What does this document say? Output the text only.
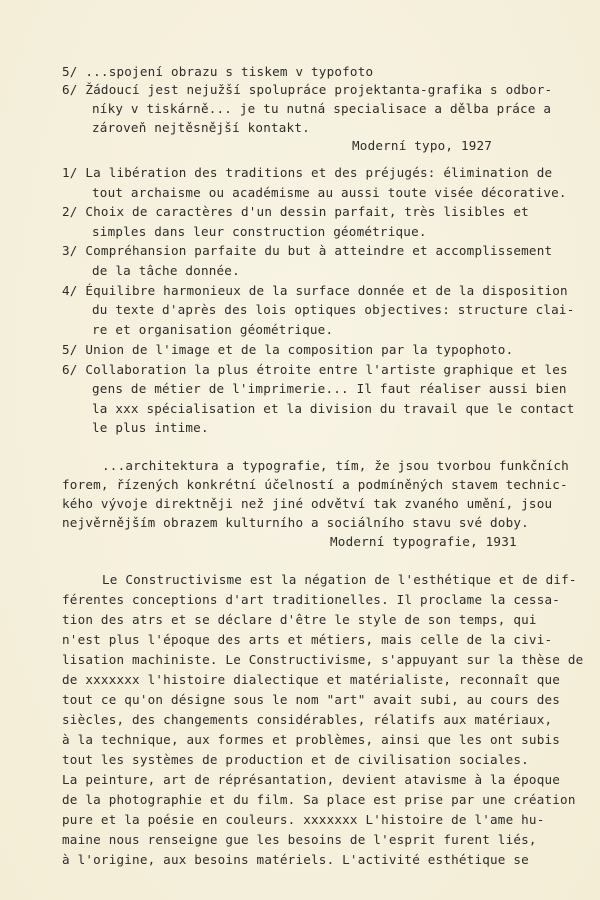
5/ ...spojení obrazu s tiskem v typofoto
6/ Žádoucí jest nejužší spolupráce projektanta-grafika s odbor-
níky v tiskárně... je tu nutná specialisace a dělba práce a
zároveň nejtěsnější kontakt.
Moderní typo, 1927
1/ La libération des traditions et des préjugés: élimination de
tout archaisme ou académisme au aussi toute visée décorative.
2/ Choix de caractères d'un dessin parfait, très lisibles et
simples dans leur construction géométrique.
3/ Compréhansion parfaite du but à atteindre et accomplissement
de la tâche donnée.
4/ Équilibre harmonieux de la surface donnée et de la disposition
du texte d'après des lois optiques objectives: structure clai-
re et organisation géométrique.
5/ Union de l'image et de la composition par la typophoto.
6/ Collaboration la plus étroite entre l'artiste graphique et les
gens de métier de l'imprimerie... Il faut réaliser aussi bien
la xxx spécialisation et la division du travail que le contact
le plus intime.
...architektura a typografie, tím, že jsou tvorbou funkčních
forem, řízených konkrétní účelností a podmíněných stavem technic-
kého vývoje direktněji než jiné odvětví tak zvaného umění, jsou
nejvěrnějším obrazem kulturního a sociálního stavu své doby.
Moderní typografie, 1931
Le Constructivisme est la négation de l'esthétique et de dif-
férentes conceptions d'art traditionelles. Il proclame la cessa-
tion des atrs et se déclare d'être le style de son temps, qui
n'est plus l'époque des arts et métiers, mais celle de la civi-
lisation machiniste. Le Constructivisme, s'appuyant sur la thèse de
de xxxxxxx l'histoire dialectique et matérialiste, reconnaît que
tout ce qu'on désigne sous le nom "art" avait subi, au cours des
siècles, des changements considérables, rélatifs aux matériaux,
à la technique, aux formes et problèmes, ainsi que les ont subis
tout les systèmes de production et de civilisation sociales.
La peinture, art de réprésantation, devient atavisme à la époque
de la photographie et du film. Sa place est prise par une création
pure et la poésie en couleurs. xxxxxxx L'histoire de l'ame hu-
maine nous renseigne gue les besoins de l'esprit furent liés,
à l'origine, aux besoins matériels. L'activité esthétique se
